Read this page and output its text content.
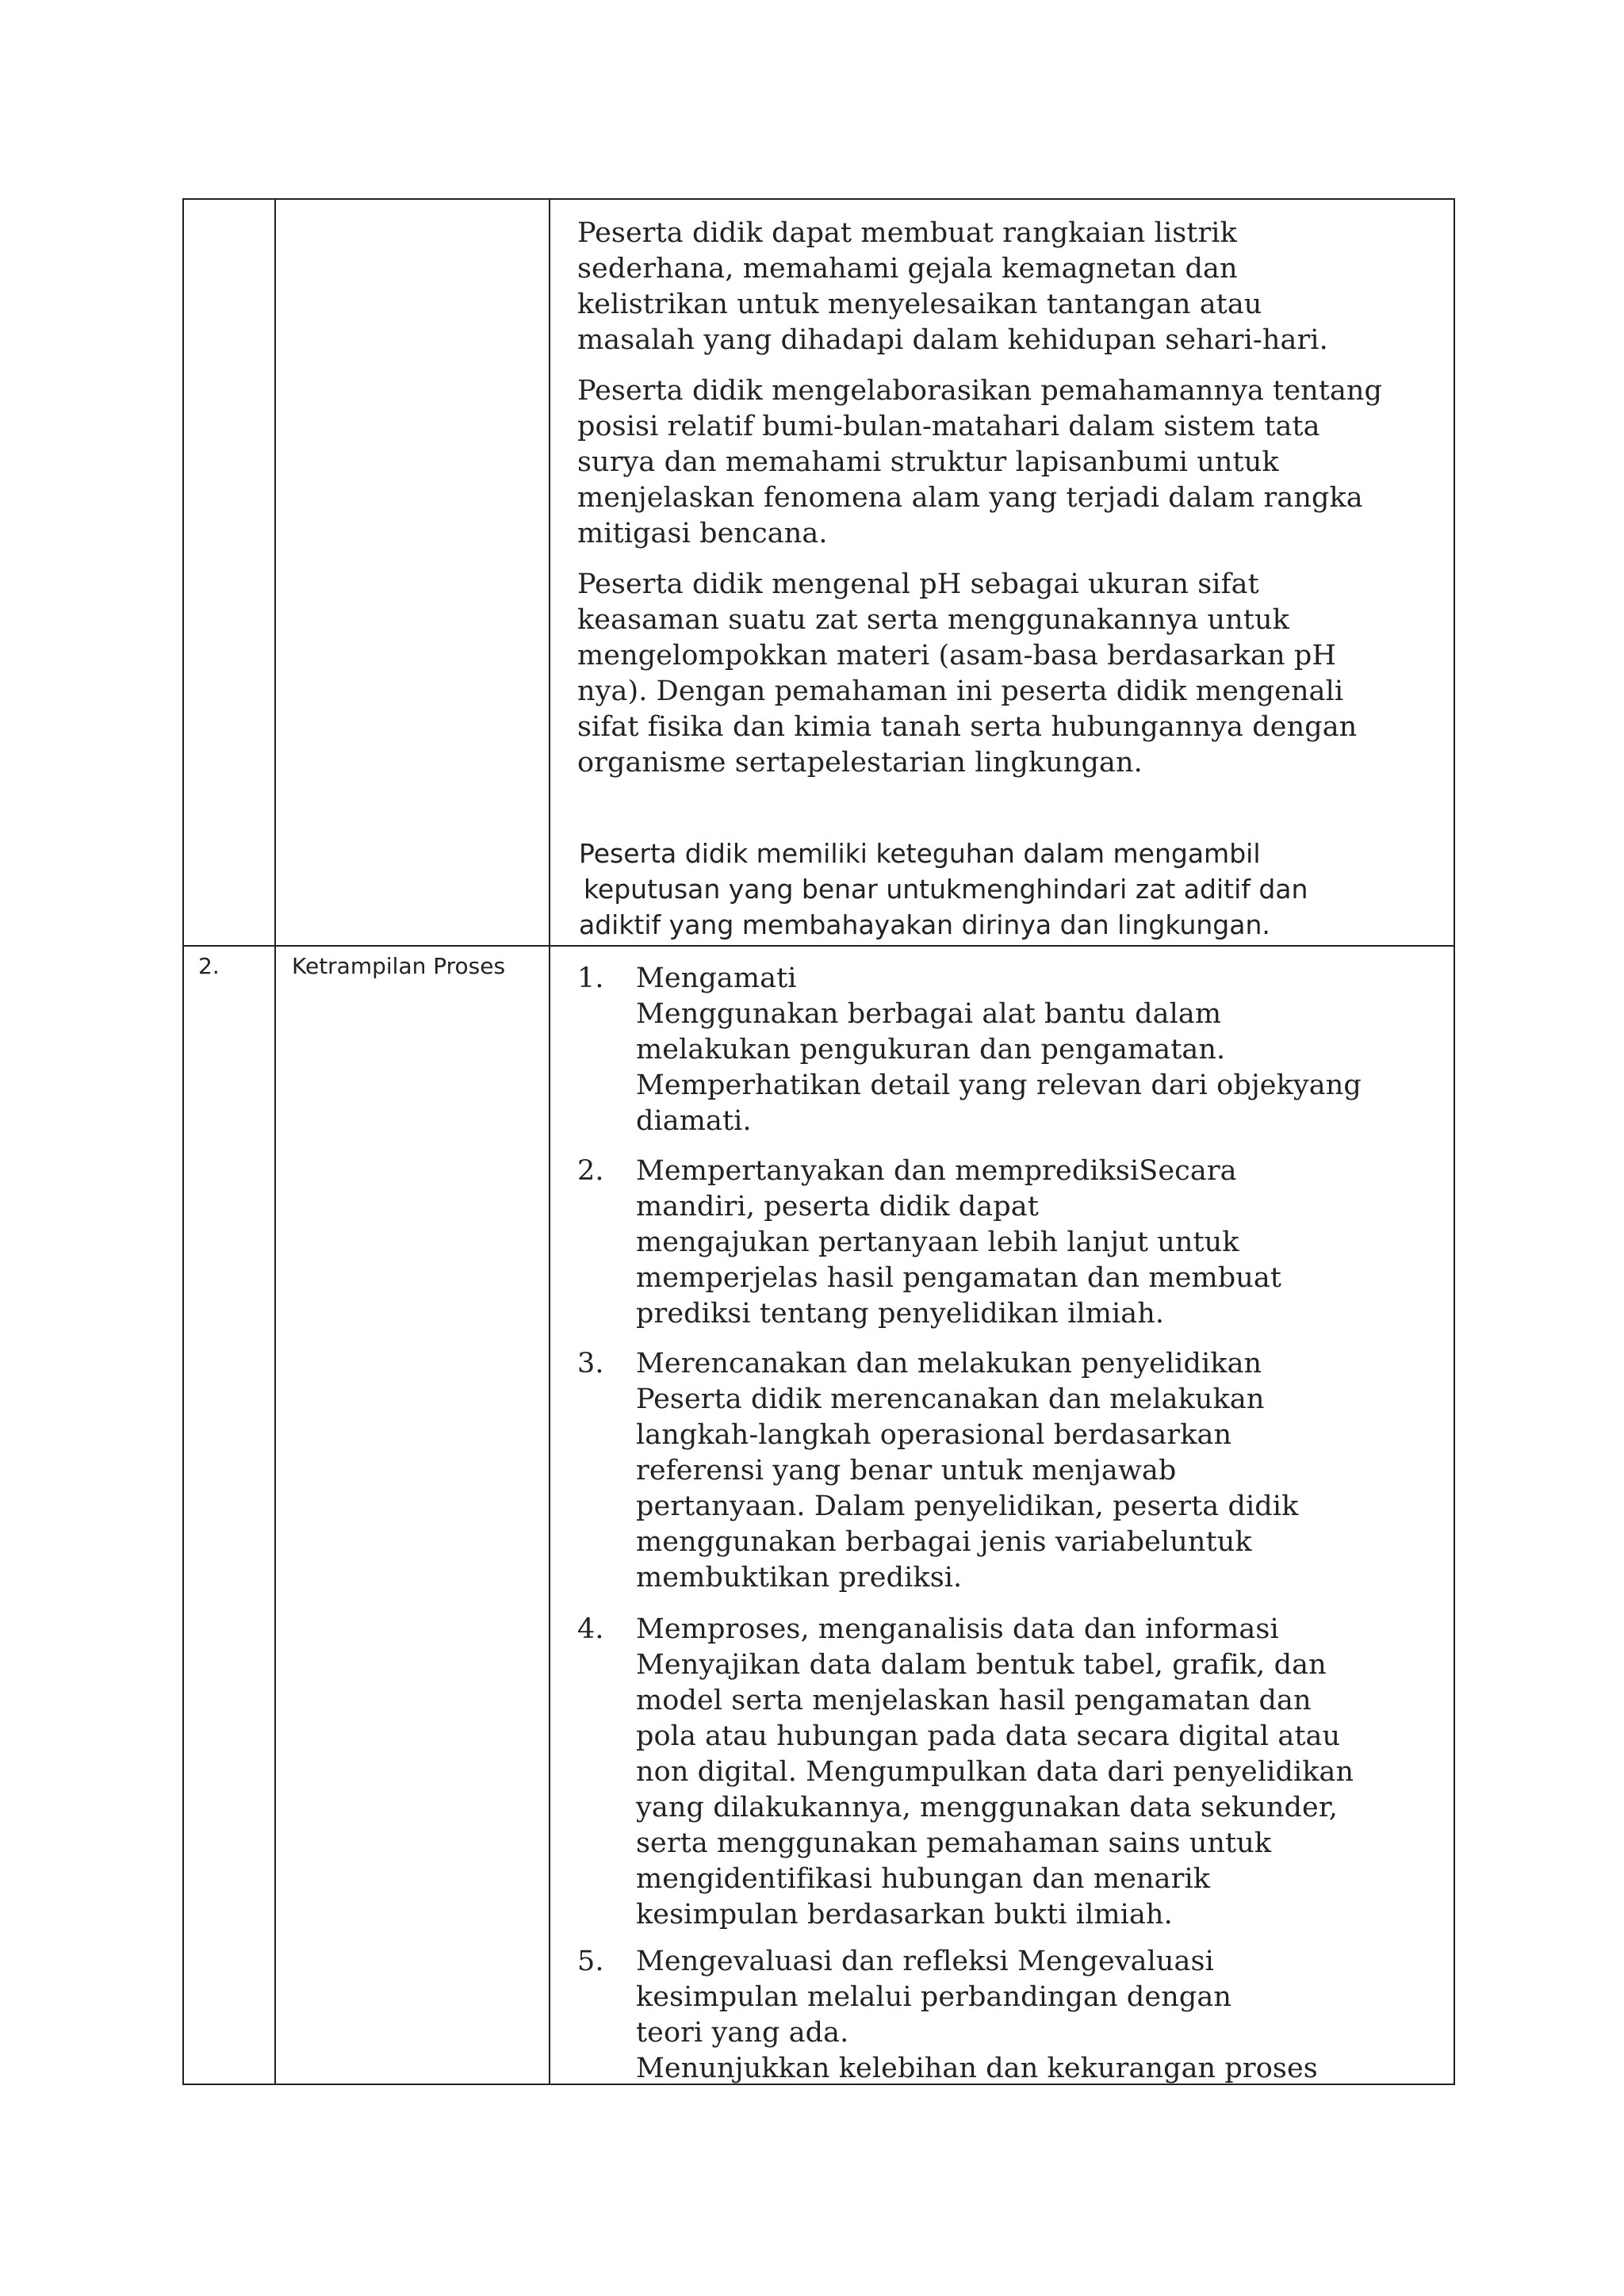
Peserta didik dapat membuat rangkaian listrik
sederhana, memahami gejala kemagnetan dan
kelistrikan untuk menyelesaikan tantangan atau
masalah yang dihadapi dalam kehidupan sehari-hari.
Peserta didik mengelaborasikan pemahamannya tentang
posisi relatif bumi-bulan-matahari dalam sistem tata
surya dan memahami struktur lapisanbumi untuk
menjelaskan fenomena alam yang terjadi dalam rangka
mitigasi bencana.
Peserta didik mengenal pH sebagai ukuran sifat
keasaman suatu zat serta menggunakannya untuk
mengelompokkan materi (asam-basa berdasarkan pH
nya). Dengan pemahaman ini peserta didik mengenali
sifat fisika dan kimia tanah serta hubungannya dengan
organisme sertapelestarian lingkungan.
Peserta didik memiliki keteguhan dalam mengambil
keputusan yang benar untukmenghindari zat aditif dan
adiktif yang membahayakan dirinya dan lingkungan.
2.	Ketrampilan Proses	1. Mengamati
Menggunakan berbagai alat bantu dalam
melakukan pengukuran dan pengamatan.
Memperhatikan detail yang relevan dari objekyang
diamati.
2. Mempertanyakan dan memprediksiSecara
mandiri, peserta didik dapat
mengajukan pertanyaan lebih lanjut untuk
memperjelas hasil pengamatan dan membuat
prediksi tentang penyelidikan ilmiah.
3. Merencanakan dan melakukan penyelidikan
Peserta didik merencanakan dan melakukan
langkah-langkah operasional berdasarkan
referensi yang benar untuk menjawab
pertanyaan. Dalam penyelidikan, peserta didik
menggunakan berbagai jenis variabeluntuk
membuktikan prediksi.
4. Memproses, menganalisis data dan informasi
Menyajikan data dalam bentuk tabel, grafik, dan
model serta menjelaskan hasil pengamatan dan
pola atau hubungan pada data secara digital atau
non digital. Mengumpulkan data dari penyelidikan
yang dilakukannya, menggunakan data sekunder,
serta menggunakan pemahaman sains untuk
mengidentifikasi hubungan dan menarik
kesimpulan berdasarkan bukti ilmiah.
5. Mengevaluasi dan refleksi Mengevaluasi
kesimpulan melalui perbandingan dengan
teori yang ada.
Menunjukkan kelebihan dan kekurangan proses
